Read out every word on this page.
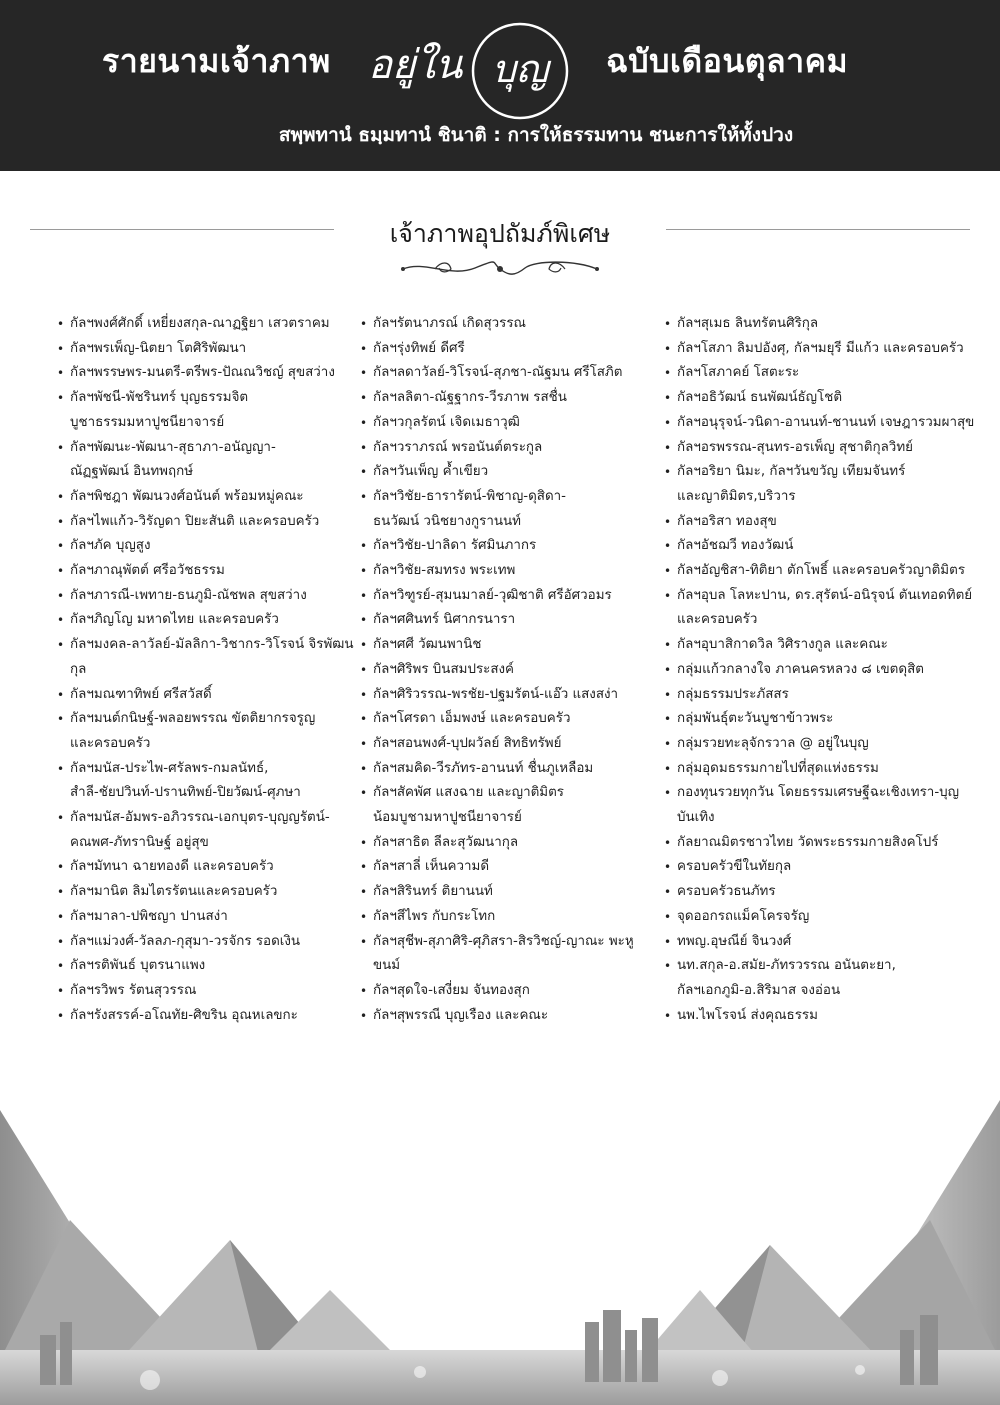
รายนามเจ้าภาพ อยู่ใน บุญ ฉบับเดือนตุลาคม
สพฺพทานํ ธมฺมทานํ ชินาติ : การให้ธรรมทาน ชนะการให้ทั้งปวง
เจ้าภาพอุปถัมภ์พิเศษ
• กัลฯพงศ์ศักดิ์ เหยี่ยงสกุล-ณาฏฐิยา เสวตราคม
• กัลฯพรเพ็ญ-นิตยา โตศิริพัฒนา
• กัลฯพรรษพร-มนตรี-ตรีพร-ปัณณวิชญ์ สุขสว่าง
• กัลฯพัชนี-พัชรินทร์ บุญธรรมจิต
บูชาธรรมมหาปูชนียาจารย์
• กัลฯพัฒนะ-พัฒนา-สุธาภา-อนัญญา-
ณัฏฐพัฒน์ อินทพฤกษ์
• กัลฯพิชฎา พัฒนวงศ์อนันต์ พร้อมหมู่คณะ
• กัลฯไพแก้ว-วิรัญดา ปิยะสันติ และครอบครัว
• กัลฯภัค บุญสูง
• กัลฯภาณุพัตต์ ศรีอวัชธรรม
• กัลฯภารณี-เพทาย-ธนภูมิ-ณัชพล สุขสว่าง
• กัลฯภิญโญ มหาดไทย และครอบครัว
• กัลฯมงคล-ลาวัลย์-มัลลิกา-วิชากร-วิโรจน์ จิรพัฒนกุล
• กัลฯมณฑาทิพย์ ศรีสวัสดิ์
• กัลฯมนต์กนิษฐ์-พลอยพรรณ ขัตติยากรจรูญ
และครอบครัว
• กัลฯมนัส-ประไพ-ศรัลพร-กมลนัทธ์,
สำลี-ชัยปวินท์-ปรานทิพย์-ปิยวัฒน์-ศุภษา
• กัลฯมนัส-อัมพร-อภิวรรณ-เอกบุตร-บุญญรัตน์-
คณพศ-ภัทรานิษฐ์ อยู่สุข
• กัลฯมัทนา ฉายทองดี และครอบครัว
• กัลฯมานิต ลิมไตรรัตนและครอบครัว
• กัลฯมาลา-ปพิชญา ปานสง่า
• กัลฯแม่วงศ์-วัลลภ-กุสุมา-วรจักร รอดเงิน
• กัลฯรติพันธ์ บุตรนาแพง
• กัลฯรวิพร รัตนสุวรรณ
• กัลฯรังสรรค์-อโณทัย-ศิขริน อุณหเลขกะ
• กัลฯรัตนาภรณ์ เกิดสุวรรณ
• กัลฯรุ่งทิพย์ ดีศรี
• กัลฯลดาวัลย์-วิโรจน์-สุภชา-ณัฐมน ศรีโสภิต
• กัลฯลลิตา-ณัฐฐากร-วีรภาพ รสชื่น
• กัลฯวกุลรัตน์ เจิดเมธาวุฒิ
• กัลฯวราภรณ์ พรอนันต์ตระกูล
• กัลฯวันเพ็ญ ค้ำเขียว
• กัลฯวิชัย-ธารารัตน์-พิชาญ-ดุสิดา-
ธนวัฒน์ วนิชยางกูรานนท์
• กัลฯวิชัย-ปาลิดา รัศมินภากร
• กัลฯวิชัย-สมทรง พระเทพ
• กัลฯวิฑูรย์-สุมนมาลย์-วุฒิชาติ ศรีอัศวอมร
• กัลฯศศินทร์ นิศากรนารา
• กัลฯศศี วัฒนพานิช
• กัลฯศิริพร บินสมประสงค์
• กัลฯศิริวรรณ-พรชัย-ปฐมรัตน์-แอ๊ว แสงสง่า
• กัลฯโศรดา เอ็มพงษ์ และครอบครัว
• กัลฯสอนพงศ์-บุปผวัลย์ สิทธิทรัพย์
• กัลฯสมคิด-วีรภัทร-อานนท์ ชื่นภูเหลือม
• กัลฯสัคพัศ แสงฉาย และญาติมิตร
น้อมบูชามหาปูชนียาจารย์
• กัลฯสาธิต ลีละสุวัฒนากุล
• กัลฯสาลี่ เห็นความดี
• กัลฯสิรินทร์ ติยานนท์
• กัลฯสีไพร กับกระโทก
• กัลฯสุชีพ-สุภาศิริ-ศุภิสรา-สิรวิชญ์-ญาณะ พะหูขนม์
• กัลฯสุดใจ-เสงี่ยม จันทองสุก
• กัลฯสุพรรณี บุญเรือง และคณะ
• กัลฯสุเมธ ลินทรัตนศิริกุล
• กัลฯโสภา ลิมปอังศุ, กัลฯมยุรี มีแก้ว และครอบครัว
• กัลฯโสภาคย์ โสตะระ
• กัลฯอธิวัฒน์ ธนพัฒน์ธัญโชติ
• กัลฯอนุรุจน์-วนิดา-อานนท์-ชานนท์ เจษฎารวมผาสุข
• กัลฯอรพรรณ-สุนทร-อรเพ็ญ สุชาติกุลวิทย์
• กัลฯอริยา นิมะ, กัลฯวันขวัญ เทียมจันทร์
และญาติมิตร,บริวาร
• กัลฯอริสา ทองสุข
• กัลฯอัชฌวี ทองวัฒน์
• กัลฯอัญชิสา-ทิติยา ตักโพธิ์ และครอบครัวญาติมิตร
• กัลฯอุบล โลหะปาน, ดร.สุรัตน์-อนิรุจน์ ตันเทอดทิตย์
และครอบครัว
• กัลฯอุบาสิกาดวิล วิศิรางกูล และคณะ
• กลุ่มแก้วกลางใจ ภาคนครหลวง ๘ เขตดุสิต
• กลุ่มธรรมประภัสสร
• กลุ่มพันธุ์ตะวันบูชาข้าวพระ
• กลุ่มรวยทะลุจักรวาล @ อยู่ในบุญ
• กลุ่มอุดมธรรมกายไปที่สุดแห่งธรรม
• กองทุนรวยทุกวัน โดยธรรมเศรษฐีฉะเชิงเทรา-บุญบันเทิง
• กัลยาณมิตรชาวไทย วัดพระธรรมกายสิงคโปร์
• ครอบครัวขีในทัยกุล
• ครอบครัวธนภัทร
• จุดออกรถแม็คโครจรัญ
• ทพญ.อุษณีย์ จินวงศ์
• นท.สกุล-อ.สมัย-ภัทรวรรณ อนันตะยา,
กัลฯเอกภูมิ-อ.สิริมาส จงอ่อน
• นพ.ไพโรจน์ ส่งคุณธรรม
